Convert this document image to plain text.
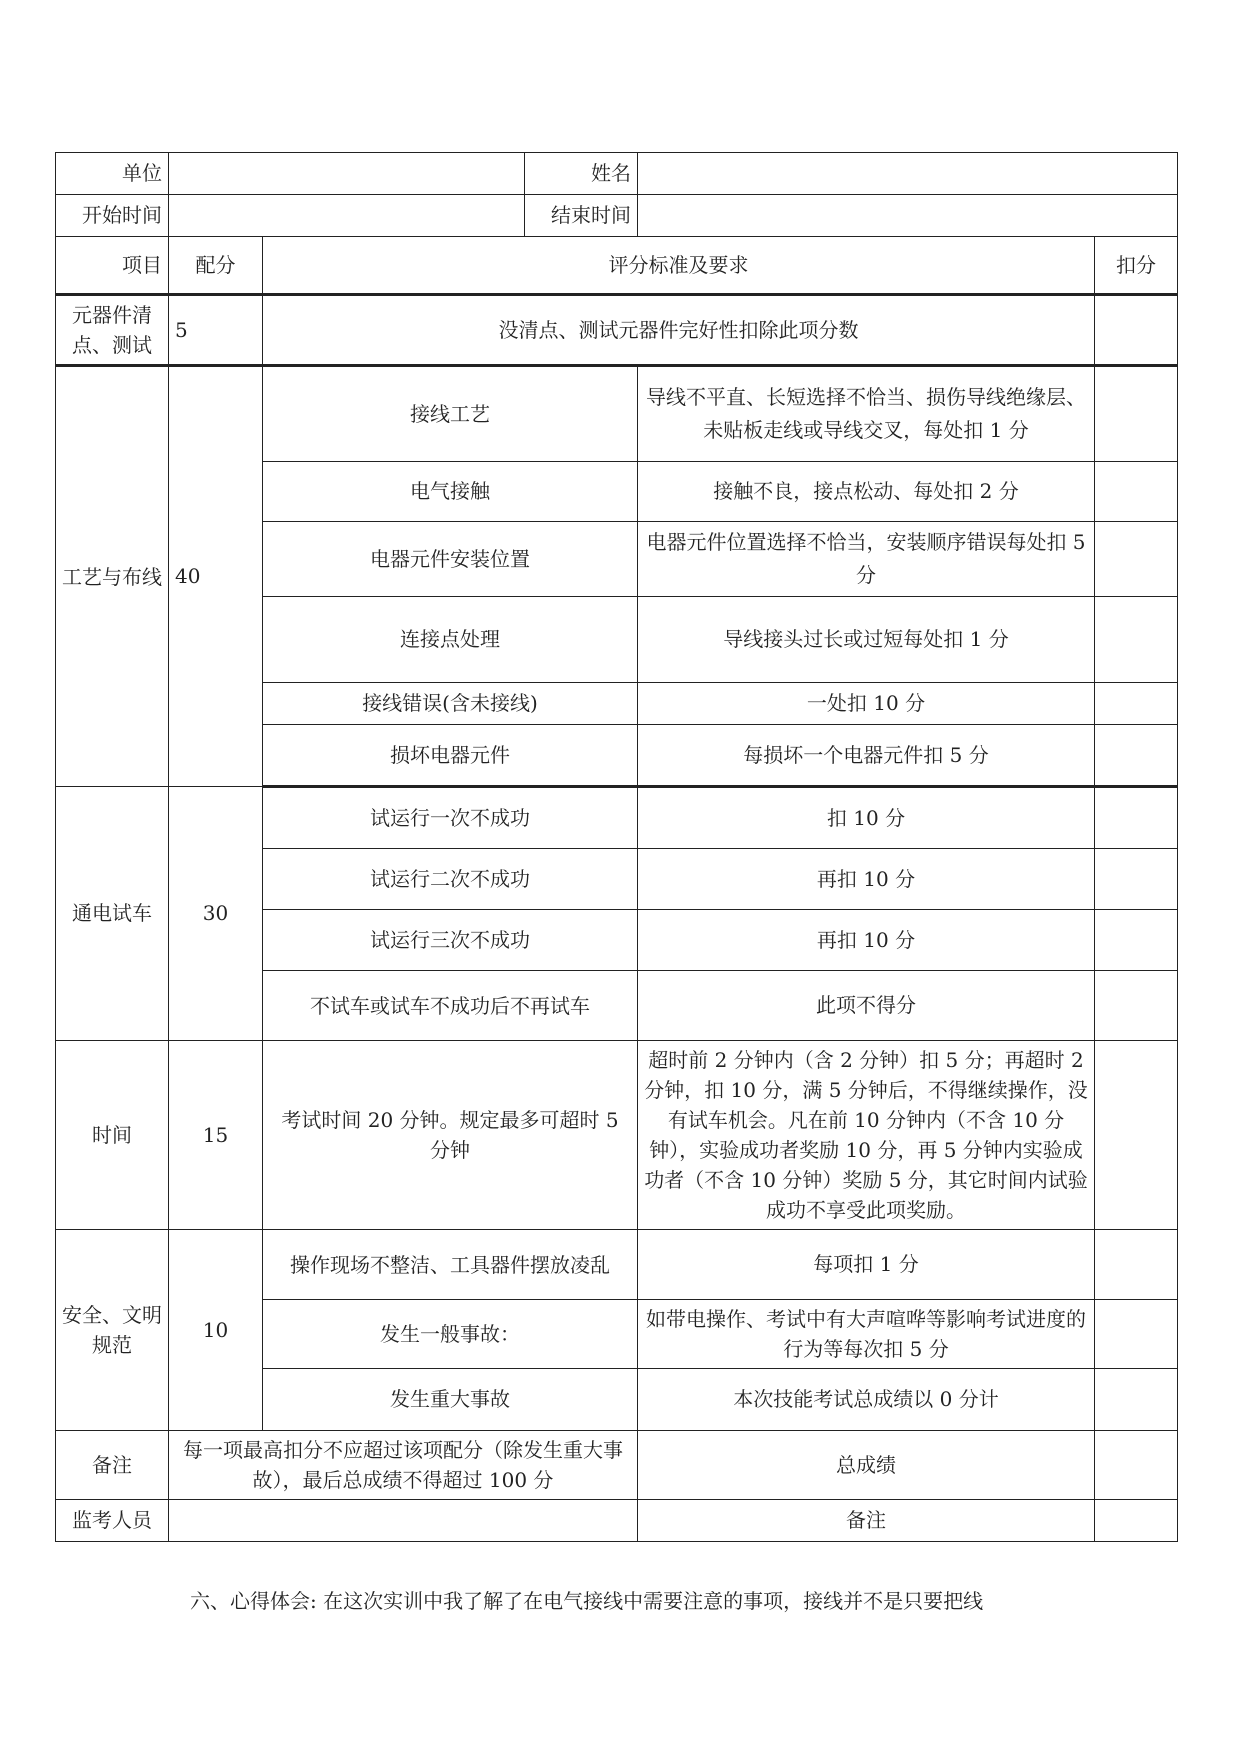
单位			姓名		
开始时间			结束时间		
项目	配分	评分标准及要求			扣分
元器件清点、测试	5	没清点、测试元器件完好性扣除此项分数			
工艺与布线	40	接线工艺		导线不平直、长短选择不恰当、损伤导线绝缘层、未贴板走线或导线交叉，每处扣 1 分	
		电气接触		接触不良，接点松动、每处扣 2 分	
		电器元件安装位置		电器元件位置选择不恰当，安装顺序错误每处扣 5 分	
		连接点处理		导线接头过长或过短每处扣 1 分	
		接线错误(含未接线)		一处扣 10 分	
		损坏电器元件		每损坏一个电器元件扣 5 分	
通电试车	30	试运行一次不成功		扣 10 分	
		试运行二次不成功		再扣 10 分	
		试运行三次不成功		再扣 10 分	
		不试车或试车不成功后不再试车		此项不得分	
时间	15	考试时间 20 分钟。规定最多可超时 5 分钟		超时前 2 分钟内（含 2 分钟）扣 5 分；再超时 2 分钟，扣 10 分，满 5 分钟后，不得继续操作，没有试车机会。凡在前 10 分钟内（不含 10 分钟），实验成功者奖励 10 分，再 5 分钟内实验成功者（不含 10 分钟）奖励 5 分，其它时间内试验成功不享受此项奖励。	
安全、文明规范	10	操作现场不整洁、工具器件摆放凌乱		每项扣 1 分	
		发生一般事故：		如带电操作、考试中有大声喧哗等影响考试进度的行为等每次扣 5 分	
		发生重大事故		本次技能考试总成绩以 0 分计	
备注	每一项最高扣分不应超过该项配分（除发生重大事故），最后总成绩不得超过 100 分			总成绩	
监考人员				备注	
六、心得体会: 在这次实训中我了解了在电气接线中需要注意的事项，接线并不是只要把线
